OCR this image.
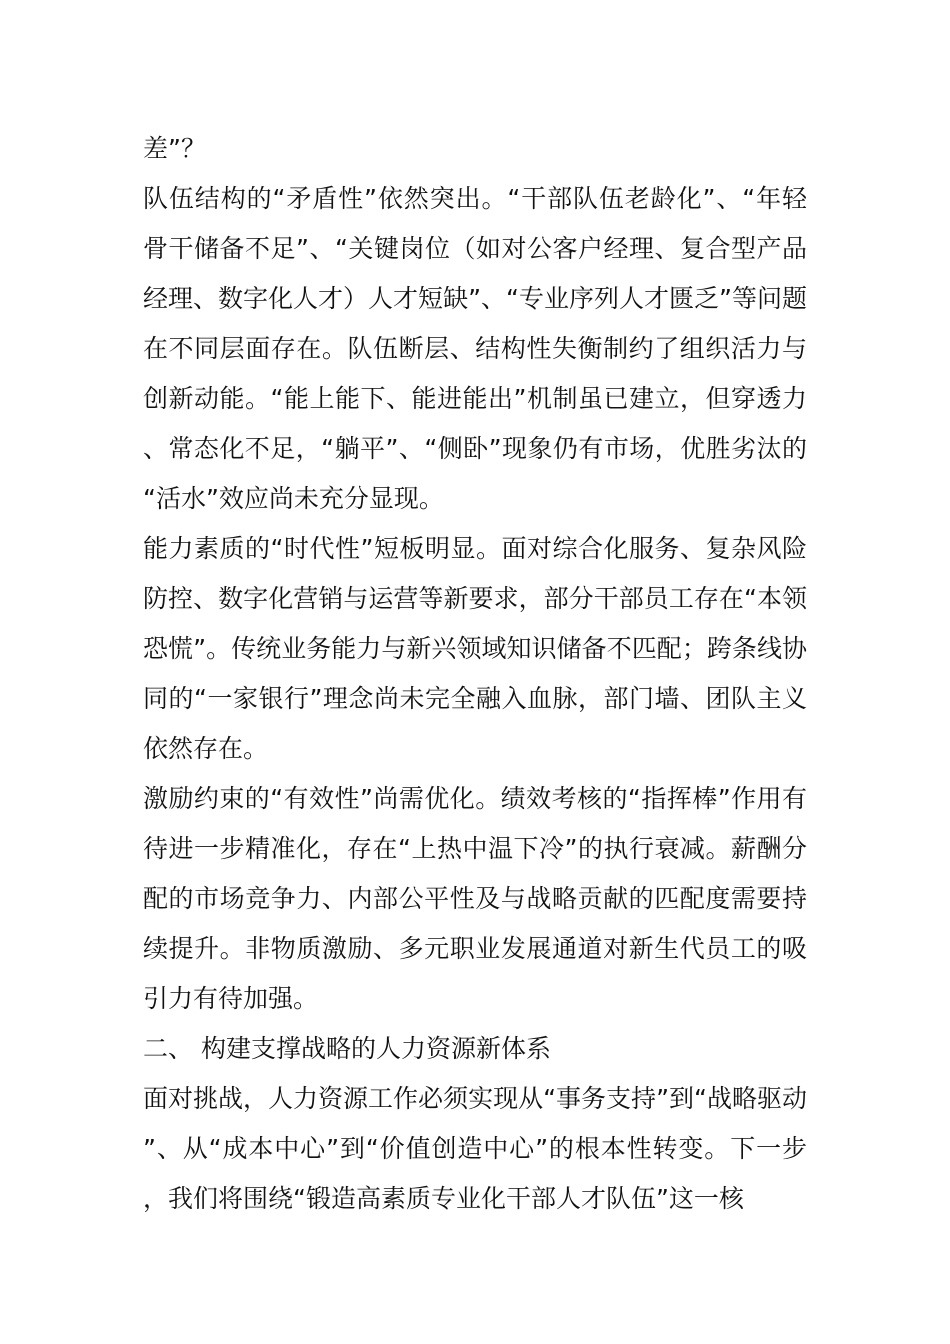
差”？

队伍结构的“矛盾性”依然突出。“干部队伍老龄化”、“年轻骨干储备不足”、“关键岗位（如对公客户经理、复合型产品经理、数字化人才）人才短缺”、“专业序列人才匮乏”等问题在不同层面存在。队伍断层、结构性失衡制约了组织活力与创新动能。“能上能下、能进能出”机制虽已建立，但穿透力、常态化不足，“躺平”、“侧卧”现象仍有市场，优胜劣汰的“活水”效应尚未充分显现。

能力素质的“时代性”短板明显。面对综合化服务、复杂风险防控、数字化营销与运营等新要求，部分干部员工存在“本领恐慌”。传统业务能力与新兴领域知识储备不匹配；跨条线协同的“一家银行”理念尚未完全融入血脉，部门墙、团队主义依然存在。

激励约束的“有效性”尚需优化。绩效考核的“指挥棒”作用有待进一步精准化，存在“上热中温下冷”的执行衰减。薪酬分配的市场竞争力、内部公平性及与战略贡献的匹配度需要持续提升。非物质激励、多元职业发展通道对新生代员工的吸引力有待加强。

二、 构建支撑战略的人力资源新体系

面对挑战，人力资源工作必须实现从“事务支持”到“战略驱动”、从“成本中心”到“价值创造中心”的根本性转变。下一步，我们将围绕“锻造高素质专业化干部人才队伍”这一核
